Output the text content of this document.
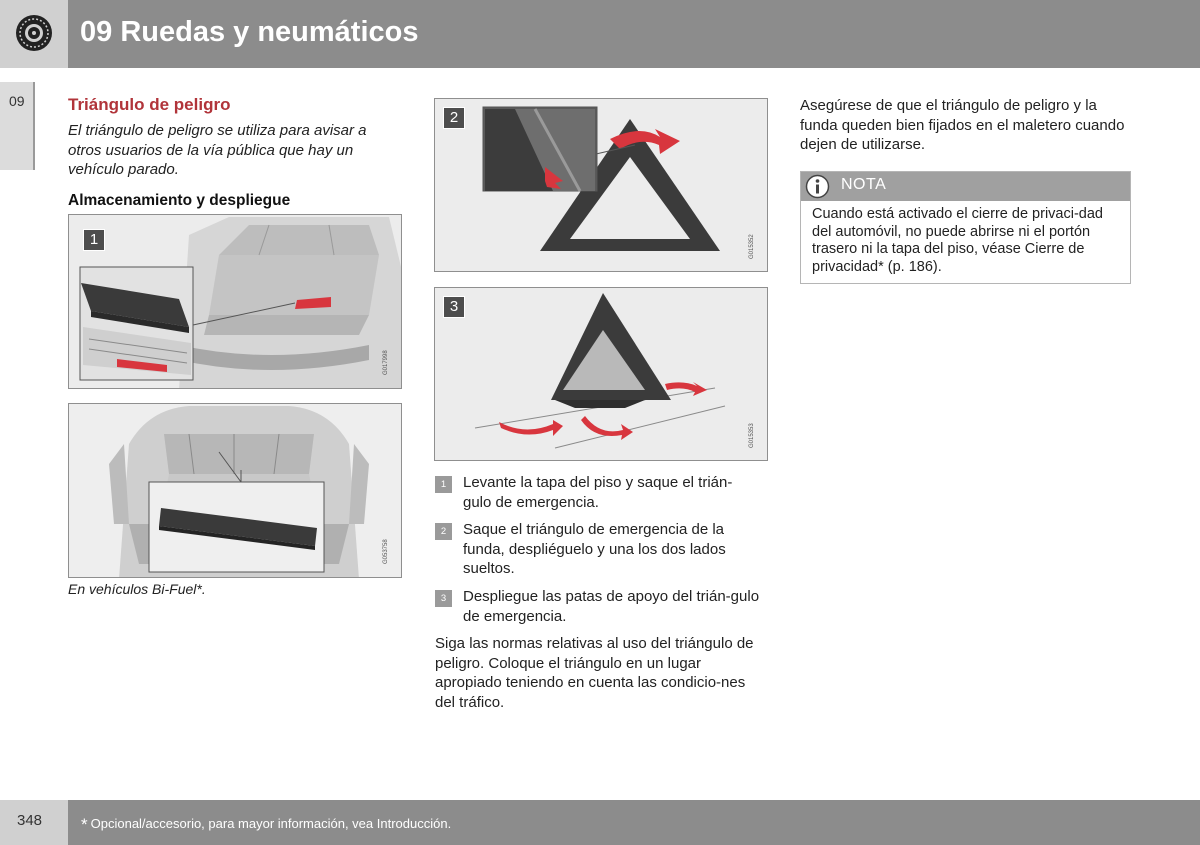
09 Ruedas y neumáticos
09	Triángulo de peligro
El triángulo de peligro se utiliza para avisar a otros usuarios de la vía pública que hay un vehículo parado.
Almacenamiento y despliegue
1
G017998
G053758
En vehículos Bi-Fuel*.
2
G015352
3
G015353
1	Levante la tapa del piso y saque el trián-gulo de emergencia.
2	Saque el triángulo de emergencia de la funda, despliéguelo y una los dos lados sueltos.
3	Despliegue las patas de apoyo del trián-gulo de emergencia.
Siga las normas relativas al uso del triángulo de peligro. Coloque el triángulo en un lugar apropiado teniendo en cuenta las condicio-nes del tráfico.
Asegúrese de que el triángulo de peligro y la funda queden bien fijados en el maletero cuando dejen de utilizarse.
NOTA
Cuando está activado el cierre de privaci-dad del automóvil, no puede abrirse ni el portón trasero ni la tapa del piso, véase Cierre de privacidad* (p. 186).
348 * Opcional/accesorio, para mayor información, vea Introducción.
